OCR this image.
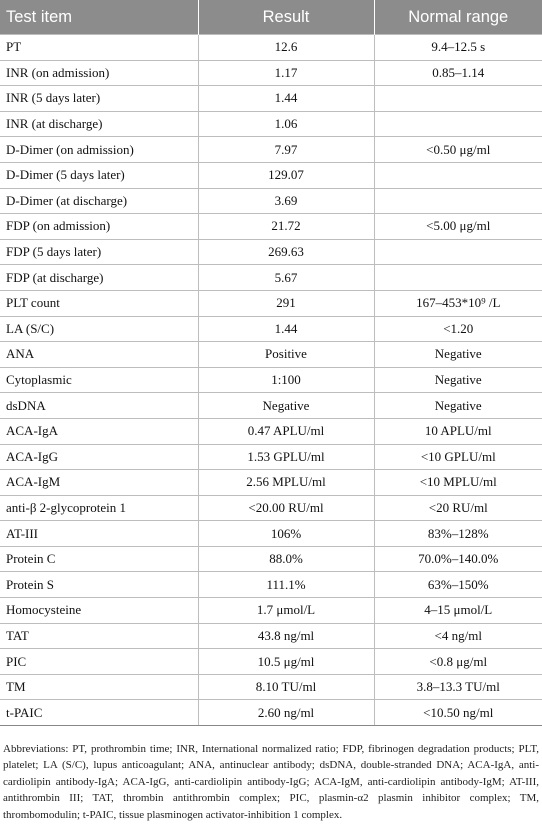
Test item	Result	Normal range
PT	12.6	9.4–12.5 s
INR (on admission)	1.17	0.85–1.14
INR (5 days later)	1.44	
INR (at discharge)	1.06	
D-Dimer (on admission)	7.97	<0.50 μg/ml
D-Dimer (5 days later)	129.07	
D-Dimer (at discharge)	3.69	
FDP (on admission)	21.72	<5.00 μg/ml
FDP (5 days later)	269.63	
FDP (at discharge)	5.67	
PLT count	291	167–453*10⁹ /L
LA (S/C)	1.44	<1.20
ANA	Positive	Negative
Cytoplasmic	1:100	Negative
dsDNA	Negative	Negative
ACA-IgA	0.47 APLU/ml	10 APLU/ml
ACA-IgG	1.53 GPLU/ml	<10 GPLU/ml
ACA-IgM	2.56 MPLU/ml	<10 MPLU/ml
anti-β 2-glycoprotein 1	<20.00 RU/ml	<20 RU/ml
AT-III	106%	83%–128%
Protein C	88.0%	70.0%–140.0%
Protein S	111.1%	63%–150%
Homocysteine	1.7 μmol/L	4–15 μmol/L
TAT	43.8 ng/ml	<4 ng/ml
PIC	10.5 μg/ml	<0.8 μg/ml
TM	8.10 TU/ml	3.8–13.3 TU/ml
t-PAIC	2.60 ng/ml	<10.50 ng/ml

Abbreviations: PT, prothrombin time; INR, International normalized ratio; FDP, fibrinogen degradation products; PLT, platelet; LA (S/C), lupus anticoagulant; ANA, antinuclear antibody; dsDNA, double-stranded DNA; ACA-IgA, anti-cardiolipin antibody-IgA; ACA-IgG, anti-cardiolipin antibody-IgG; ACA-IgM, anti-cardiolipin antibody-IgM; AT-III, antithrombin III; TAT, thrombin antithrombin complex; PIC, plasmin-α2 plasmin inhibitor complex; TM, thrombomodulin; t-PAIC, tissue plasminogen activator-inhibition 1 complex.
